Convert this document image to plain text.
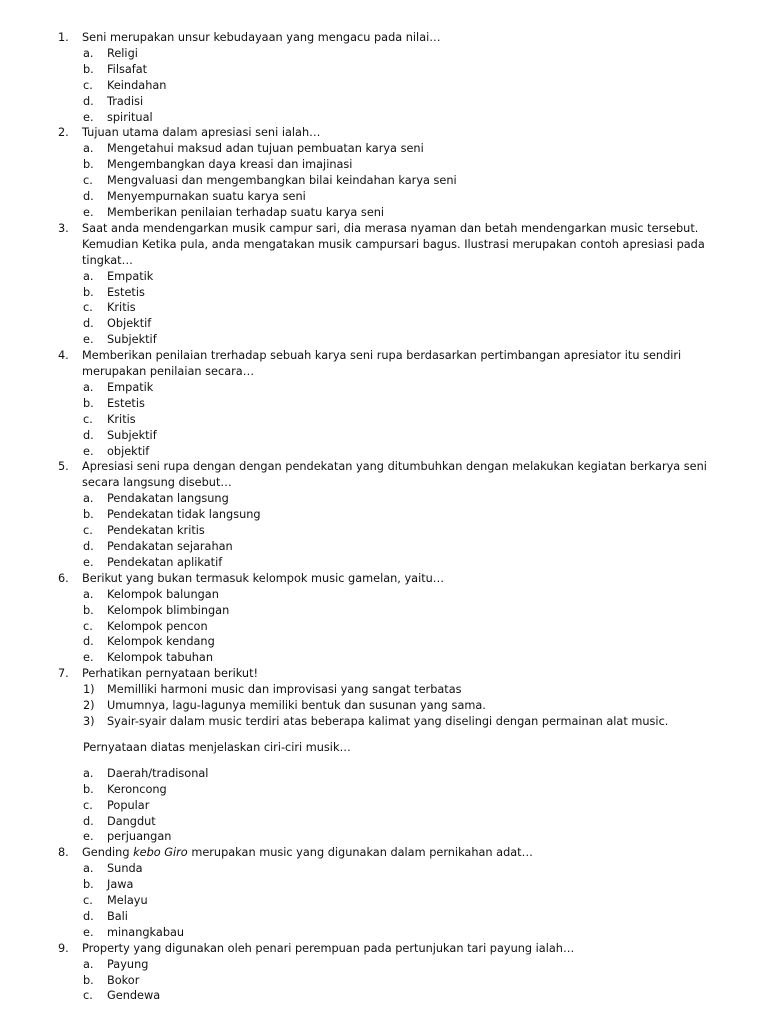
1.	Seni merupakan unsur kebudayaan yang mengacu pada nilai…
a.	Religi
b.	Filsafat
c.	Keindahan
d.	Tradisi
e.	spiritual
2.	Tujuan utama dalam apresiasi seni ialah…
a.	Mengetahui maksud adan tujuan pembuatan karya seni
b.	Mengembangkan daya kreasi dan imajinasi
c.	Mengvaluasi dan mengembangkan bilai keindahan karya seni
d.	Menyempurnakan suatu karya seni
e.	Memberikan penilaian terhadap suatu karya seni
3.	Saat anda mendengarkan musik campur sari, dia merasa nyaman dan betah mendengarkan music tersebut. Kemudian Ketika pula, anda mengatakan musik campursari bagus. Ilustrasi merupakan contoh apresiasi pada tingkat…
a.	Empatik
b.	Estetis
c.	Kritis
d.	Objektif
e.	Subjektif
4.	Memberikan penilaian trerhadap sebuah karya seni rupa berdasarkan pertimbangan apresiator itu sendiri merupakan penilaian secara…
a.	Empatik
b.	Estetis
c.	Kritis
d.	Subjektif
e.	objektif
5.	Apresiasi seni rupa dengan dengan pendekatan yang ditumbuhkan dengan melakukan kegiatan berkarya seni secara langsung disebut…
a.	Pendakatan langsung
b.	Pendekatan tidak langsung
c.	Pendekatan kritis
d.	Pendakatan sejarahan
e.	Pendekatan aplikatif
6.	Berikut yang bukan termasuk kelompok music gamelan, yaitu…
a.	Kelompok balungan
b.	Kelompok blimbingan
c.	Kelompok pencon
d.	Kelompok kendang
e.	Kelompok tabuhan
7.	Perhatikan pernyataan berikut!
1)	Memilliki harmoni music dan improvisasi yang sangat terbatas
2)	Umumnya, lagu-lagunya memiliki bentuk dan susunan yang sama.
3)	Syair-syair dalam music terdiri atas beberapa kalimat yang diselingi dengan permainan alat music.
Pernyataan diatas menjelaskan ciri-ciri musik…
a.	Daerah/tradisonal
b.	Keroncong
c.	Popular
d.	Dangdut
e.	perjuangan
8.	Gending kebo Giro merupakan music yang digunakan dalam pernikahan adat…
a.	Sunda
b.	Jawa
c.	Melayu
d.	Bali
e.	minangkabau
9.	Property yang digunakan oleh penari perempuan pada pertunjukan tari payung ialah…
a.	Payung
b.	Bokor
c.	Gendewa
